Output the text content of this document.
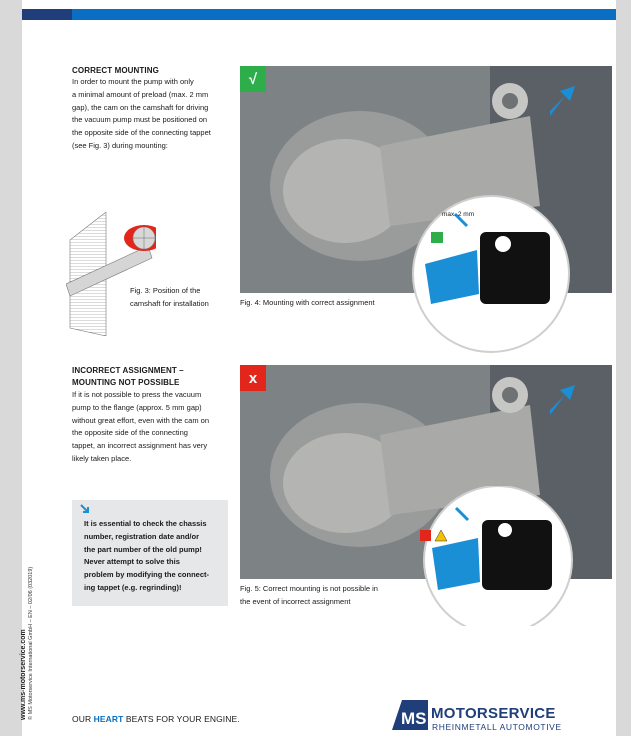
CORRECT MOUNTING
In order to mount the pump with only
a minimal amount of preload (max. 2 mm
gap), the cam on the camshaft for driving
the vacuum pump must be positioned on
the opposite side of the connecting tappet
(see Fig. 3) during mounting:
Fig. 3: Position of the
camshaft for installation
√
max. 2 mm
Fig. 4: Mounting with correct assignment
INCORRECT ASSIGNMENT –
MOUNTING NOT POSSIBLE
If it is not possible to press the vacuum
pump to the flange (approx. 5 mm gap)
without great effort, even with the cam on
the opposite side of the connecting
tappet, an incorrect assignment has very
likely taken place.
x
Fig. 5: Correct mounting is not possible in
the event of incorrect assignment
It is essential to check the chassis
number, registration date and/or
the part number of the old pump!
Never attempt to solve this
problem by modifying the connect-
ing tappet (e.g. regrinding)!
OUR HEART BEATS FOR YOUR ENGINE.	MS MOTORSERVICE
RHEINMETALL AUTOMOTIVE
www.ms-motorservice.com © MS Motorservice International GmbH – EN – 02/06 (032019)
